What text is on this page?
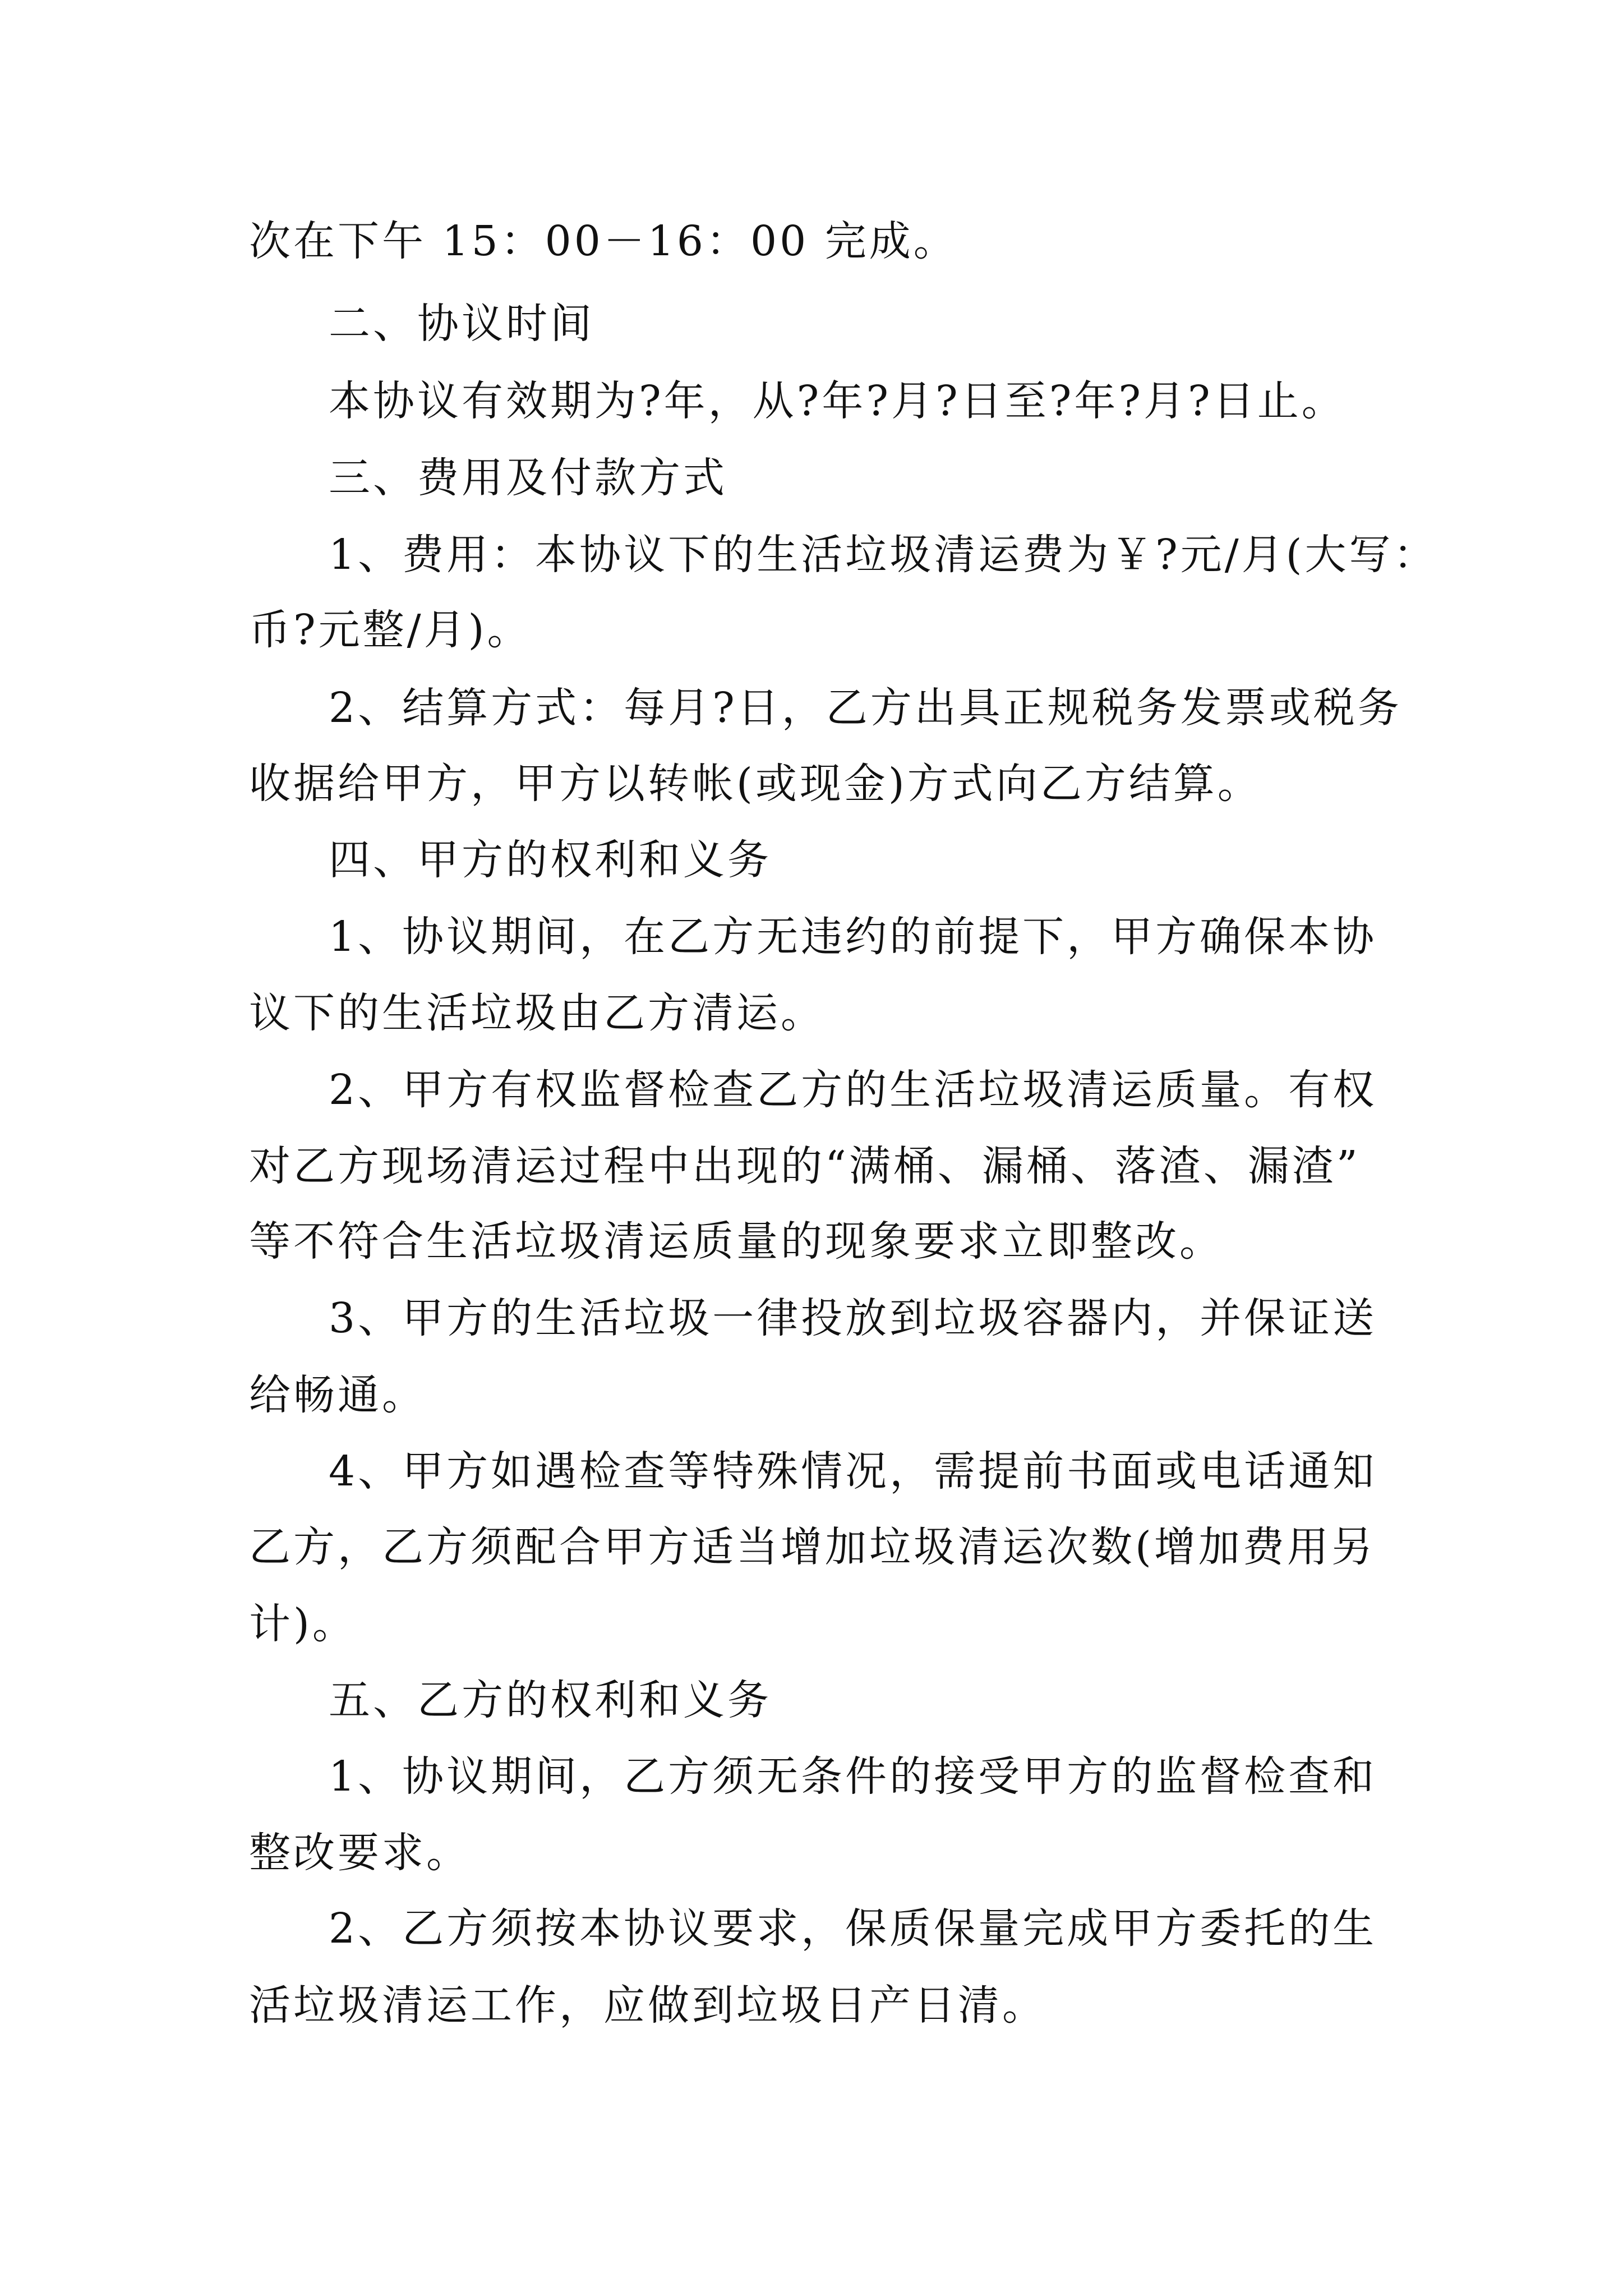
次在下午 15：00－16：00 完成。
二、协议时间
本协议有效期为?年，从?年?月?日至?年?月?日止。
三、费用及付款方式
1、费用：本协议下的生活垃圾清运费为￥?元/月(大写：
币?元整/月)。
2、结算方式：每月?日，乙方出具正规税务发票或税务
收据给甲方，甲方以转帐(或现金)方式向乙方结算。
四、甲方的权利和义务
1、协议期间，在乙方无违约的前提下，甲方确保本协
议下的生活垃圾由乙方清运。
2、甲方有权监督检查乙方的生活垃圾清运质量。有权
对乙方现场清运过程中出现的“满桶、漏桶、落渣、漏渣”
等不符合生活垃圾清运质量的现象要求立即整改。
3、甲方的生活垃圾一律投放到垃圾容器内，并保证送
给畅通。
4、甲方如遇检查等特殊情况，需提前书面或电话通知
乙方，乙方须配合甲方适当增加垃圾清运次数(增加费用另
计)。
五、乙方的权利和义务
1、协议期间，乙方须无条件的接受甲方的监督检查和
整改要求。
2、乙方须按本协议要求，保质保量完成甲方委托的生
活垃圾清运工作，应做到垃圾日产日清。
